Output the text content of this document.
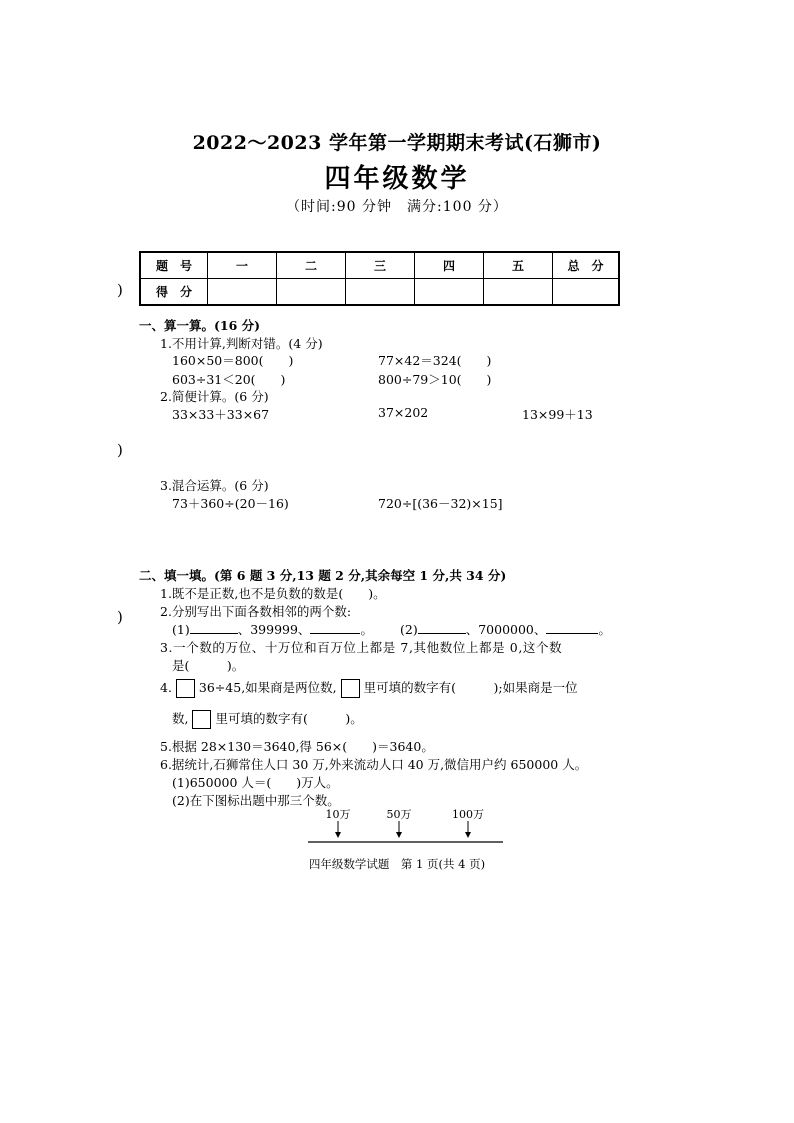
2022～2023 学年第一学期期末考试(石狮市)
四年级数学
（时间:90 分钟　满分:100 分）
题　号	一	二	三	四	五	总　分
得　分						
)
)
)
一、算一算。(16 分)
1.不用计算,判断对错。(4 分)
160×50＝800(　　)	77×42＝324(　　)
603÷31＜20(　　)	800÷79＞10(　　)
2.简便计算。(6 分)
33×33＋33×67	37×202	13×99＋13
3.混合运算。(6 分)
73＋360÷(20－16)	720÷[(36－32)×15]
二、填一填。(第 6 题 3 分,13 题 2 分,其余每空 1 分,共 34 分)
1.既不是正数,也不是负数的数是(　　)。
2.分别写出下面各数相邻的两个数:
(1)	、399999、	。 (2)	、7000000、	。
3.一个数的万位、十万位和百万位上都是 7,其他数位上都是 0,这个数
是(　　　)。
4. 36÷45,如果商是两位数, 里可填的数字有(　　　);如果商是一位
数, 里可填的数字有(　　　)。
5.根据 28×130＝3640,得 56×(　　)＝3640。
6.据统计,石狮常住人口 30 万,外来流动人口 40 万,微信用户约 650000 人。
(1)650000 人＝(　　)万人。
(2)在下图标出题中那三个数。
10万	50万	100万
四年级数学试题　第 1 页(共 4 页)
